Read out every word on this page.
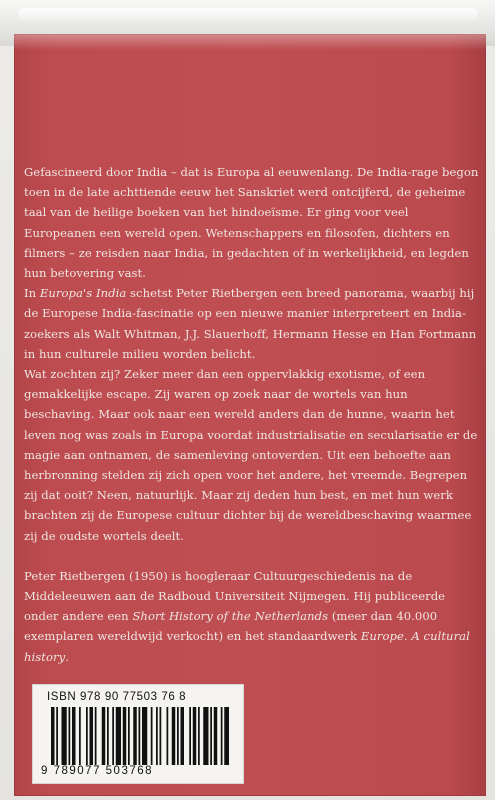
Gefascineerd door India – dat is Europa al eeuwenlang. De India-rage begon toen in de late achttiende eeuw het Sanskriet werd ontcijferd, de geheime taal van de heilige boeken van het hindoeïsme. Er ging voor veel Europeanen een wereld open. Wetenschappers en filosofen, dichters en filmers – ze reisden naar India, in gedachten of in werkelijkheid, en legden hun betovering vast.

In Europa's India schetst Peter Rietbergen een breed panorama, waarbij hij de Europese India-fascinatie op een nieuwe manier interpreteert en India-zoekers als Walt Whitman, J.J. Slauerhoff, Hermann Hesse en Han Fortmann in hun culturele milieu worden belicht.

Wat zochten zij? Zeker meer dan een oppervlakkig exotisme, of een gemakkelijke escape. Zij waren op zoek naar de wortels van hun beschaving. Maar ook naar een wereld anders dan de hunne, waarin het leven nog was zoals in Europa voordat industrialisatie en secularisatie er de magie aan ontnamen, de samenleving ontoverden. Uit een behoefte aan herbronning stelden zij zich open voor het andere, het vreemde. Begrepen zij dat ooit? Neen, natuurlijk. Maar zij deden hun best, en met hun werk brachten zij de Europese cultuur dichter bij de wereldbeschaving waarmee zij de oudste wortels deelt.

Peter Rietbergen (1950) is hoogleraar Cultuurgeschiedenis na de Middeleeuwen aan de Radboud Universiteit Nijmegen. Hij publiceerde onder andere een Short History of the Netherlands (meer dan 40.000 exemplaren wereldwijd verkocht) en het standaardwerk Europe. A cultural history.

ISBN 978 90 77503 76 8
9 789077 503768
